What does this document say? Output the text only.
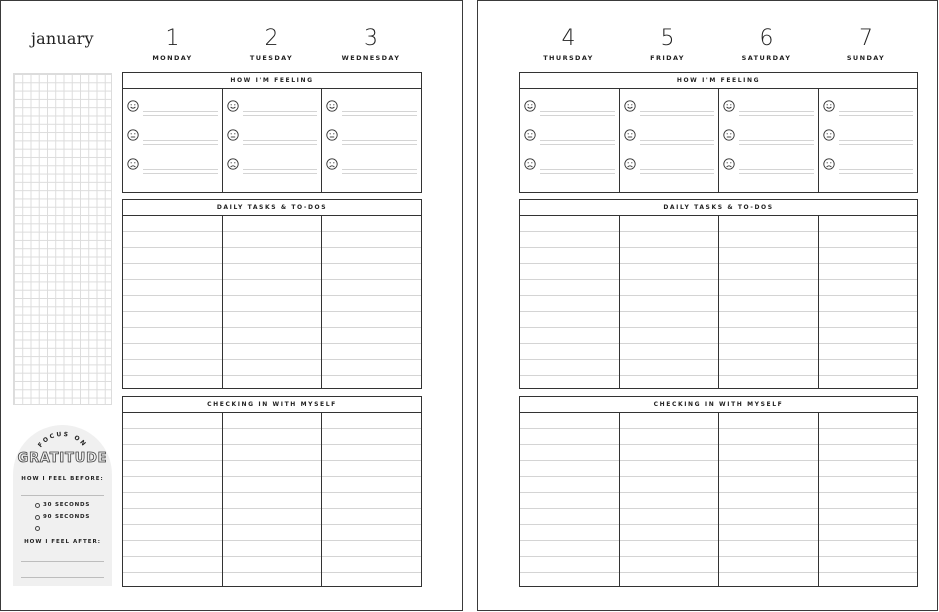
january	1
MONDAY
2
TUESDAY
3
WEDNESDAY
FOCUS ON
GRATITUDE
HOW I FEEL BEFORE:
30 SECONDS
90 SECONDS
HOW I FEEL AFTER:
HOW I'M FEELING
DAILY TASKS & TO-DOS
CHECKING IN WITH MYSELF
4
THURSDAY
5
FRIDAY
6
SATURDAY
7
SUNDAY
HOW I'M FEELING
DAILY TASKS & TO-DOS
CHECKING IN WITH MYSELF
